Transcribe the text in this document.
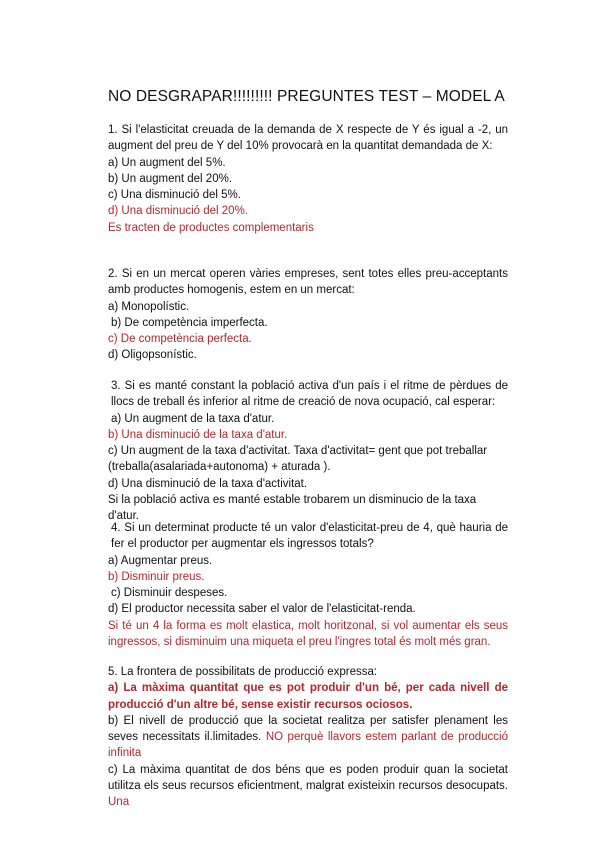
NO DESGRAPAR!!!!!!!!! PREGUNTES TEST – MODEL A

1. Si l'elasticitat creuada de la demanda de X respecte de Y és igual a -2, un augment del preu de Y del 10% provocarà en la quantitat demandada de X:

a) Un augment del 5%.

b) Un augment del 20%.

c) Una disminució del 5%.

d) Una disminució del 20%.

Es tracten de productes complementaris

2. Si en un mercat operen vàries empreses, sent totes elles preu-acceptants amb productes homogenis, estem en un mercat:

a) Monopolístic.

b) De competència imperfecta.

c) De competència perfecta.

d) Oligopsonístic.

3. Si es manté constant la població activa d'un país i el ritme de pèrdues de llocs de treball és inferior al ritme de creació de nova ocupació, cal esperar:

a) Un augment de la taxa d'atur.

b) Una disminució de la taxa d'atur.

c) Un augment de la taxa d'activitat. Taxa d'activitat= gent que pot treballar

(treballa(asalariada+autonoma) + aturada ).

d) Una disminució de la taxa d'activitat.

Si la població activa es manté estable trobarem un disminucio de la taxa d'atur.

4. Si un determinat producte té un valor d'elasticitat-preu de 4, què hauria de fer el productor per augmentar els ingressos totals?

a) Augmentar preus.

b) Disminuir preus.

c) Disminuir despeses.

d) El productor necessita saber el valor de l'elasticitat-renda.

Si té un 4 la forma es molt elastica, molt horitzonal, si vol aumentar els seus ingressos, si disminuim una miqueta el preu l'ingres total és molt més gran.

5. La frontera de possibilitats de producció expressa:

a) La màxima quantitat que es pot produir d'un bé, per cada nivell de producció d'un altre bé, sense existir recursos ociosos.

b) El nivell de producció que la societat realitza per satisfer plenament les seves necessitats il.limitades. NO perquè llavors estem parlant de producció infinita

c) La màxima quantitat de dos béns que es poden produir quan la societat utilitza els seus recursos eficientment, malgrat existeixin recursos desocupats. Una
